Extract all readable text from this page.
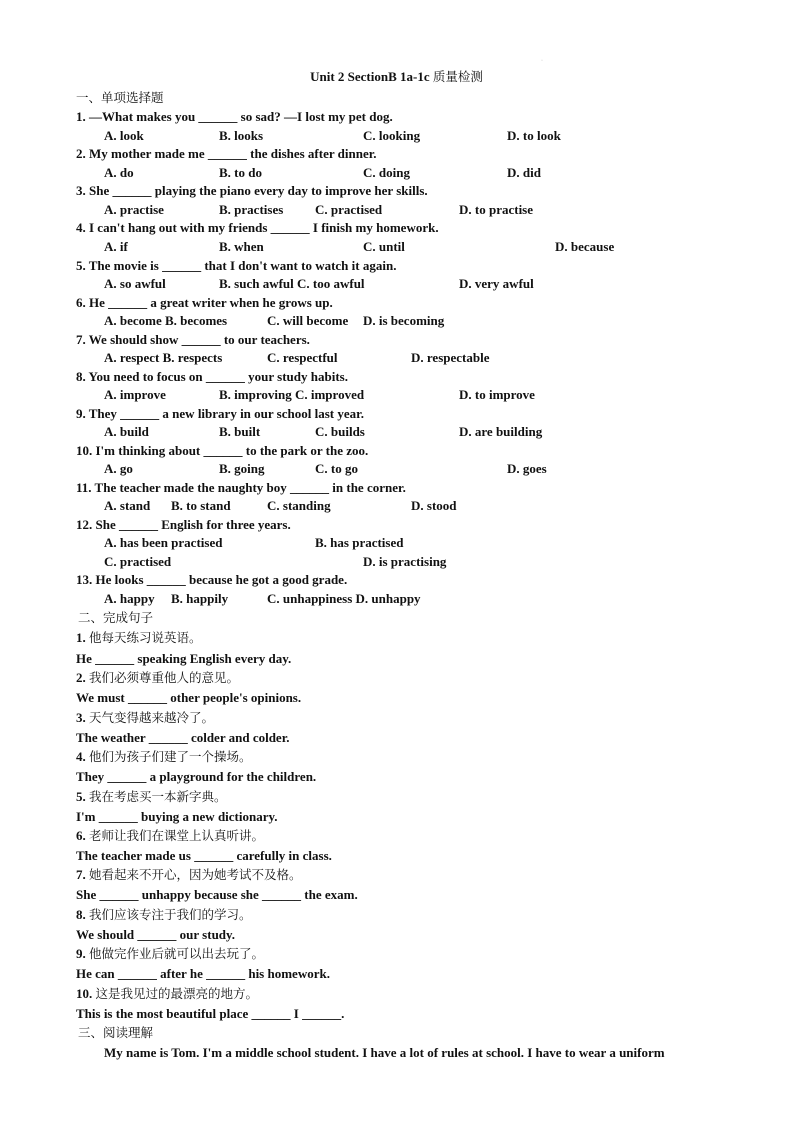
·
Unit 2 SectionB 1a-1c 质量检测
一、单项选择题
1. —What makes you ______ so sad? —I lost my pet dog.
A. look	B. looks	C. looking	D. to look
2. My mother made me ______ the dishes after dinner.
A. do	B. to do	C. doing	D. did
3. She ______ playing the piano every day to improve her skills.
A. practise	B. practises C. practised	D. to practise
4. I can't hang out with my friends ______ I finish my homework.
A. if	B. when	C. until	D. because
5. The movie is ______ that I don't want to watch it again.
A. so awful	B. such awful C. too awful	D. very awful
6. He ______ a great writer when he grows up.
A. become B. becomes	C. will become D. is becoming
7. We should show ______ to our teachers.
A. respect B. respects	C. respectful	D. respectable
8. You need to focus on ______ your study habits.
A. improve	B. improving C. improved	D. to improve
9. They ______ a new library in our school last year.
A. build	B. built	C. builds	D. are building
10. I'm thinking about ______ to the park or the zoo.
A. go	B. going	C. to go	D. goes
11. The teacher made the naughty boy ______ in the corner.
A. stand B. to stand	C. standing	D. stood
12. She ______ English for three years.
A. has been practised	B. has practised
C. practised	D. is practising
13. He looks ______ because he got a good grade.
A. happy B. happily	C. unhappiness D. unhappy
二、完成句子
1. 他每天练习说英语。
He ______ speaking English every day.
2. 我们必须尊重他人的意见。
We must ______ other people's opinions.
3. 天气变得越来越冷了。
The weather ______ colder and colder.
4. 他们为孩子们建了一个操场。
They ______ a playground for the children.
5. 我在考虑买一本新字典。
I'm ______ buying a new dictionary.
6. 老师让我们在课堂上认真听讲。
The teacher made us ______ carefully in class.
7. 她看起来不开心，因为她考试不及格。
She ______ unhappy because she ______ the exam.
8. 我们应该专注于我们的学习。
We should ______ our study.
9. 他做完作业后就可以出去玩了。
He can ______ after he ______ his homework.
10. 这是我见过的最漂亮的地方。
This is the most beautiful place ______ I ______.
三、阅读理解
My name is Tom. I'm a middle school student. I have a lot of rules at school. I have to wear a uniform
